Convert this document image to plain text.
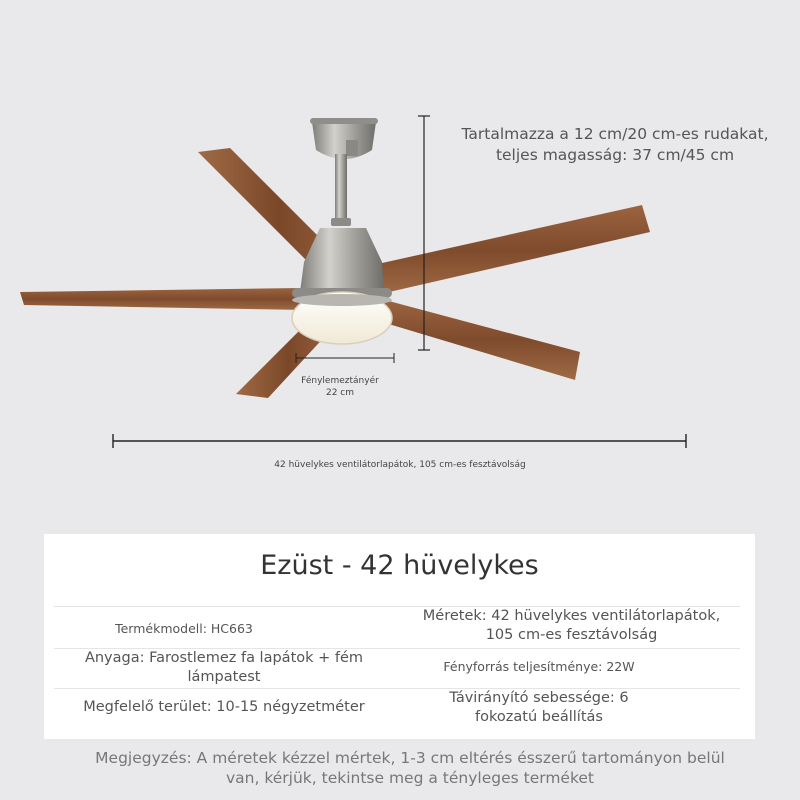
Tartalmazza a 12 cm/20 cm-es rudakat,
teljes magasság: 37 cm/45 cm
Fénylemeztányér
22 cm
42 hüvelykes ventilátorlapátok, 105 cm-es fesztávolság
Ezüst - 42 hüvelykes
Termékmodell: HC663
Méretek: 42 hüvelykes ventilátorlapátok,
105 cm-es fesztávolság
Anyaga: Farostlemez fa lapátok + fém
lámpatest
Fényforrás teljesítménye: 22W
Megfelelő terület: 10-15 négyzetméter
Távirányító sebessége: 6
fokozatú beállítás
Megjegyzés: A méretek kézzel mértek, 1-3 cm eltérés ésszerű tartományon belül
van, kérjük, tekintse meg a tényleges terméket
